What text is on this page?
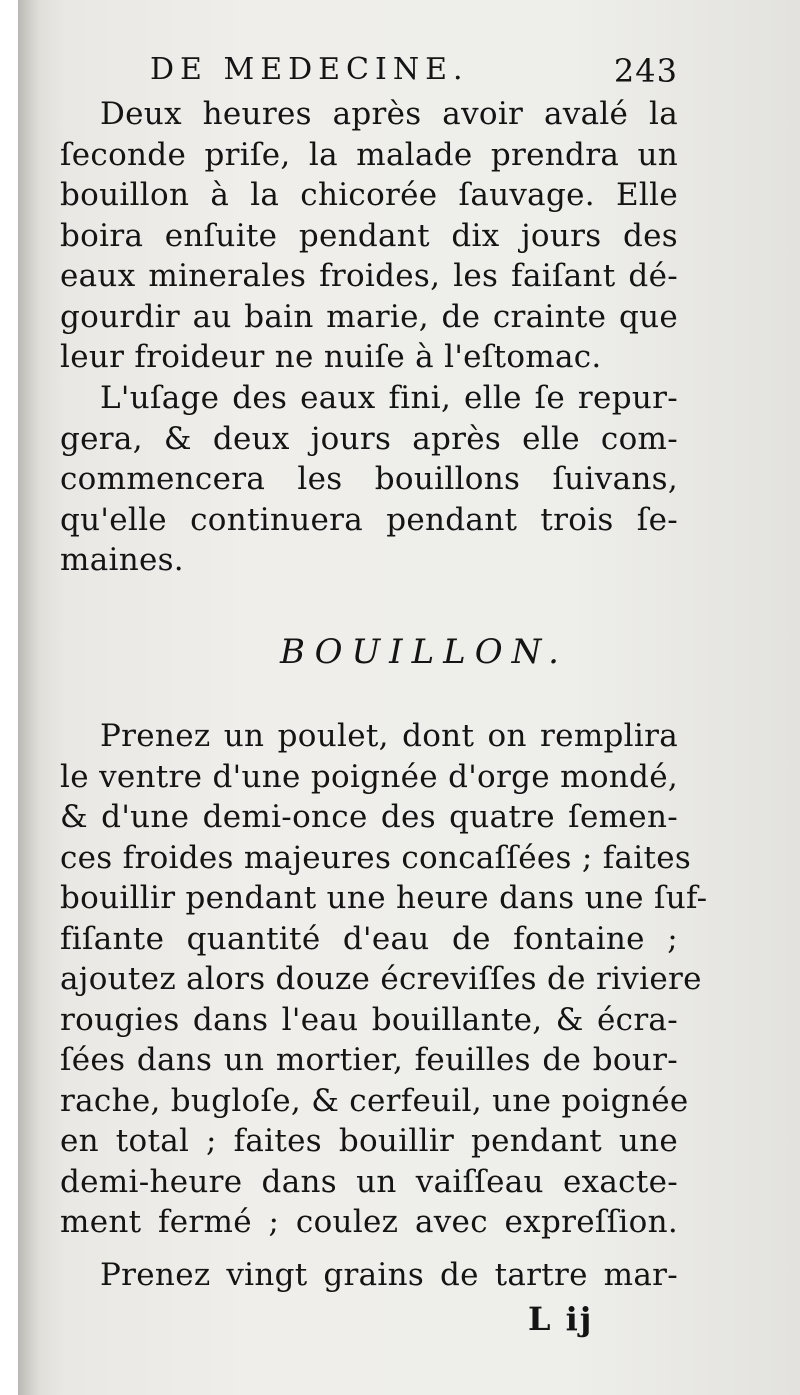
DE MEDECINE.	243
Deux heures après avoir avalé la
ſeconde priſe, la malade prendra un
bouillon à la chicorée ſauvage. Elle
boira enſuite pendant dix jours des
eaux minerales froides, les faiſant dé-
gourdir au bain marie, de crainte que
leur froideur ne nuiſe à l'eſtomac.
L'uſage des eaux fini, elle ſe repur-
gera, & deux jours après elle com-
commencera les bouillons ſuivans,
qu'elle continuera pendant trois ſe-
maines.
BOUILLON.
Prenez un poulet, dont on remplira
le ventre d'une poignée d'orge mondé,
& d'une demi-once des quatre ſemen-
ces froides majeures concaſſées ; faites
bouillir pendant une heure dans une ſuf-
fiſante quantité d'eau de fontaine ;
ajoutez alors douze écreviſſes de riviere
rougies dans l'eau bouillante, & écra-
ſées dans un mortier, feuilles de bour-
rache, bugloſe, & cerfeuil, une poignée
en total ; faites bouillir pendant une
demi-heure dans un vaiſſeau exacte-
ment fermé ; coulez avec expreſſion.
Prenez vingt grains de tartre mar-
L ij
